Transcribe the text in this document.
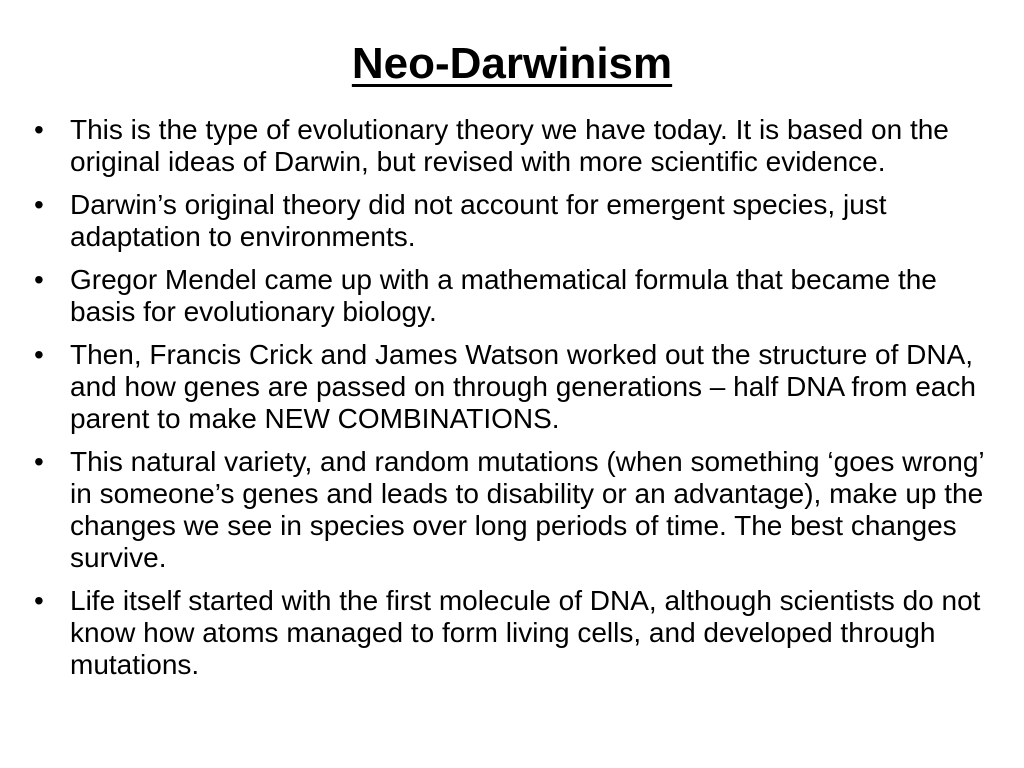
Neo-Darwinism
• This is the type of evolutionary theory we have today. It is based on the original ideas of Darwin, but revised with more scientific evidence.
• Darwin’s original theory did not account for emergent species, just adaptation to environments.
• Gregor Mendel came up with a mathematical formula that became the basis for evolutionary biology.
• Then, Francis Crick and James Watson worked out the structure of DNA, and how genes are passed on through generations – half DNA from each parent to make NEW COMBINATIONS.
• This natural variety, and random mutations (when something ‘goes wrong’ in someone’s genes and leads to disability or an advantage), make up the changes we see in species over long periods of time. The best changes survive.
• Life itself started with the first molecule of DNA, although scientists do not know how atoms managed to form living cells, and developed through mutations.
